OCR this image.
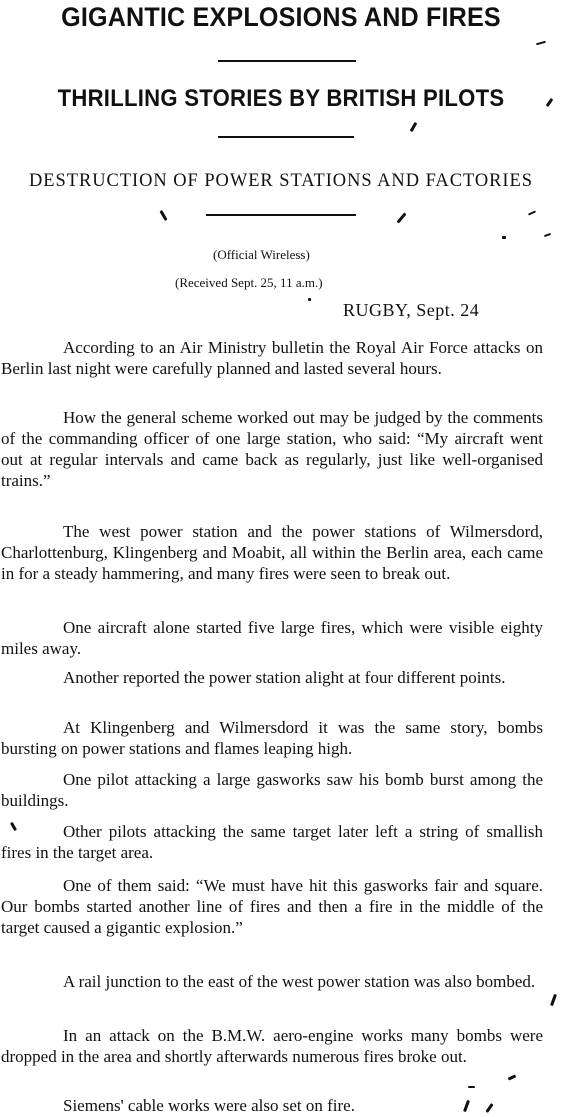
GIGANTIC EXPLOSIONS AND FIRES
THRILLING STORIES BY BRITISH PILOTS
DESTRUCTION OF POWER STATIONS AND FACTORIES
(Official Wireless)
(Received Sept. 25, 11 a.m.)
RUGBY, Sept. 24

According to an Air Ministry bulletin the Royal Air Force attacks on Berlin last night were carefully planned and lasted several hours.

How the general scheme worked out may be judged by the comments of the commanding officer of one large station, who said: “My aircraft went out at regular intervals and came back as regularly, just like well-organised trains.”

The west power station and the power stations of Wilmersdord, Charlottenburg, Klingenberg and Moabit, all within the Berlin area, each came in for a steady hammering, and many fires were seen to break out.

One aircraft alone started five large fires, which were visible eighty miles away.

Another reported the power station alight at four different points.

At Klingenberg and Wilmersdord it was the same story, bombs bursting on power stations and flames leaping high.

One pilot attacking a large gasworks saw his bomb burst among the buildings.

Other pilots attacking the same target later left a string of smallish fires in the target area.

One of them said: “We must have hit this gasworks fair and square. Our bombs started another line of fires and then a fire in the middle of the target caused a gigantic explosion.”

A rail junction to the east of the west power station was also bombed.

In an attack on the B.M.W. aero-engine works many bombs were dropped in the area and shortly afterwards numerous fires broke out.

Siemens' cable works were also set on fire.
